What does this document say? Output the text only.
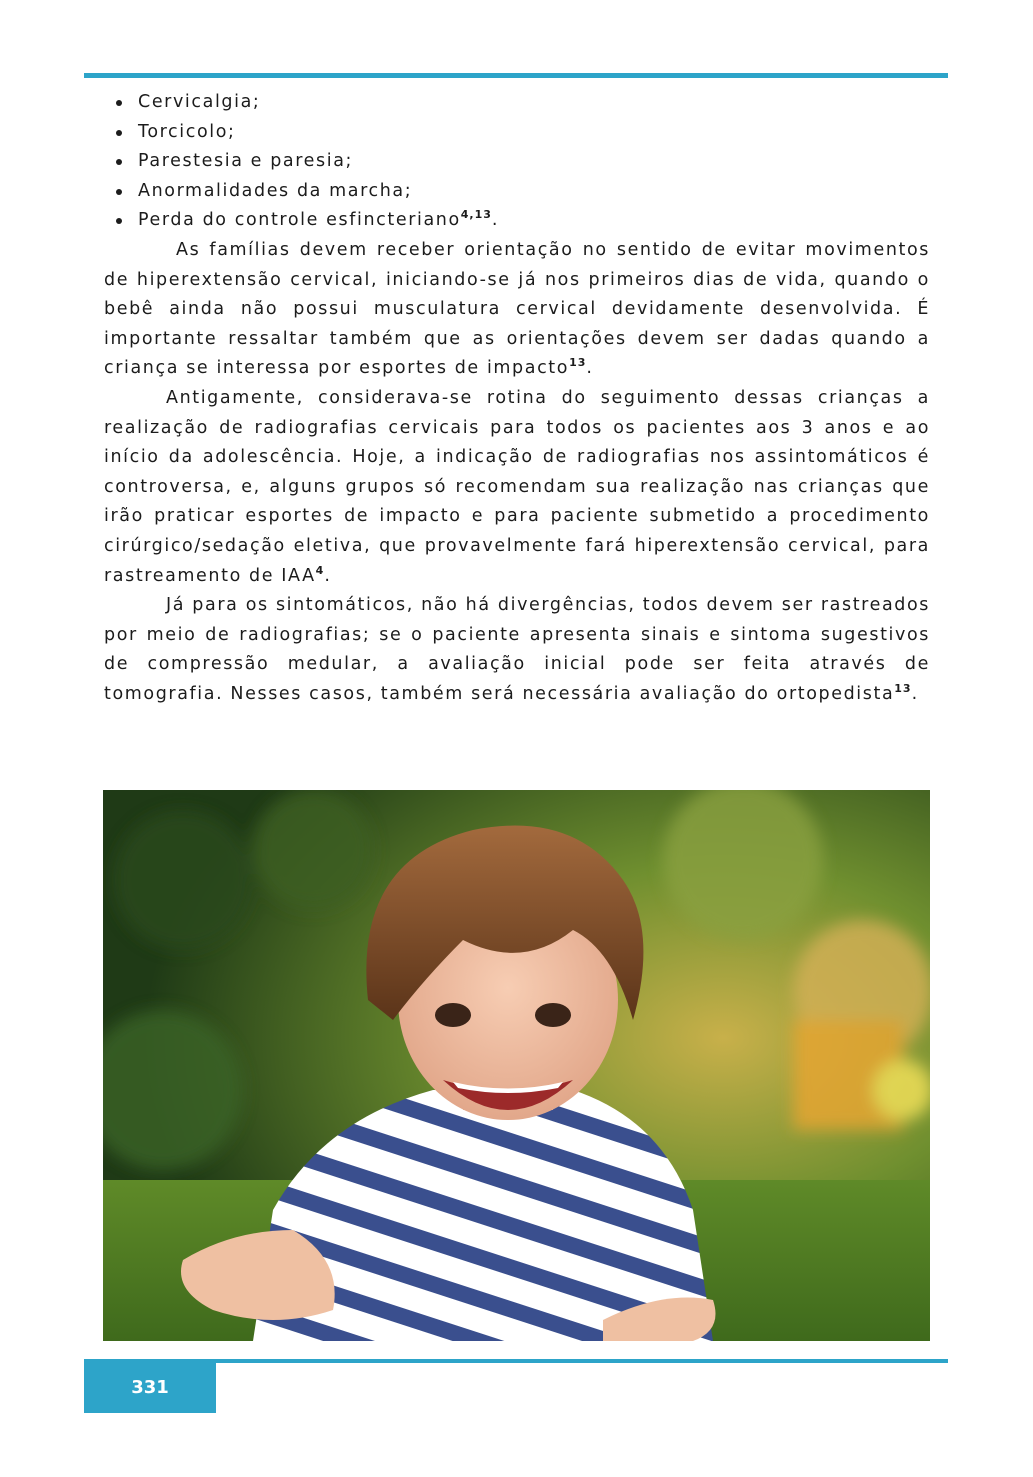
Cervicalgia;
Torcicolo;
Parestesia e paresia;
Anormalidades da marcha;
Perda do controle esfincteriano$^{4,13}$.

As famílias devem receber orientação no sentido de evitar movimentos de hiperextensão cervical, iniciando-se já nos primeiros dias de vida, quando o bebê ainda não possui musculatura cervical devidamente desenvolvida. É importante ressaltar também que as orientações devem ser dadas quando a criança se interessa por esportes de impacto$^{13}$.

Antigamente, considerava-se rotina do seguimento dessas crianças a realização de radiografias cervicais para todos os pacientes aos 3 anos e ao início da adolescência. Hoje, a indicação de radiografias nos assintomáticos é controversa, e, alguns grupos só recomendam sua realização nas crianças que irão praticar esportes de impacto e para paciente submetido a procedimento cirúrgico/sedação eletiva, que provavelmente fará hiperextensão cervical, para rastreamento de IAA$^4$.

Já para os sintomáticos, não há divergências, todos devem ser rastreados por meio de radiografias; se o paciente apresenta sinais e sintoma sugestivos de compressão medular, a avaliação inicial pode ser feita através de tomografia. Nesses casos, também será necessária avaliação do ortopedista$^{13}$.

331
